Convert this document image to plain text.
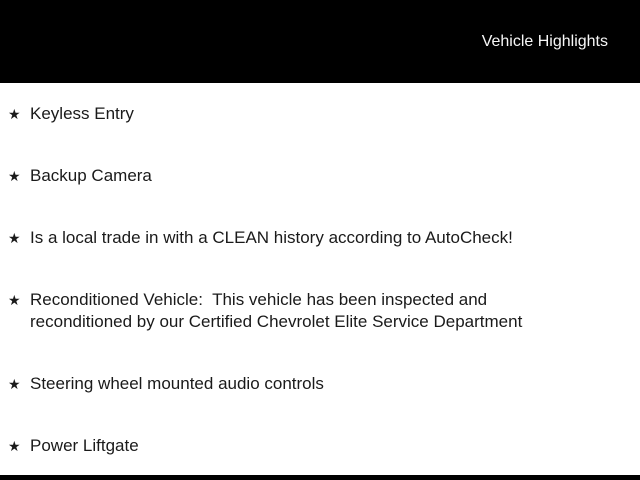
Vehicle Highlights
★ Keyless Entry
★ Backup Camera
★ Is a local trade in with a CLEAN history according to AutoCheck!
★ Reconditioned Vehicle:  This vehicle has been inspected and
reconditioned by our Certified Chevrolet Elite Service Department
★ Steering wheel mounted audio controls
★ Power Liftgate
